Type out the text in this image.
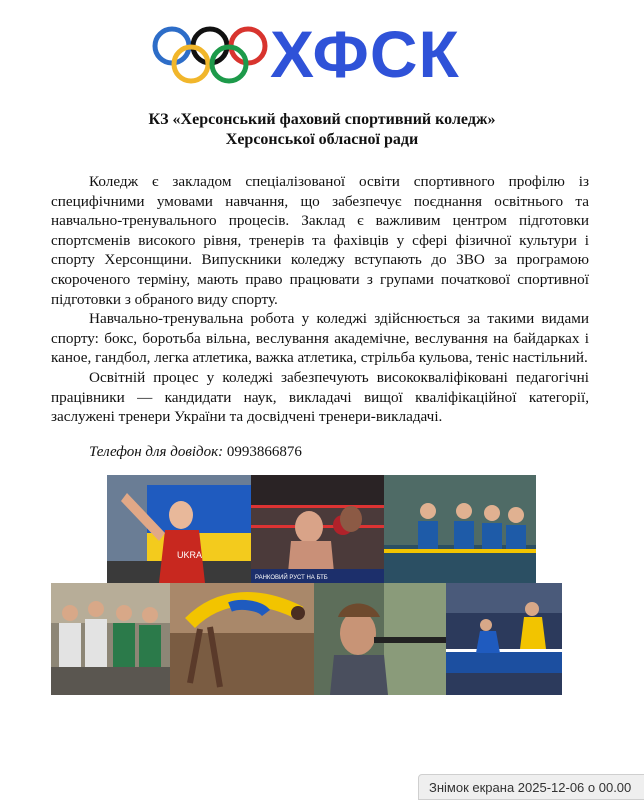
ХФСК
КЗ «Херсонський фаховий спортивний коледж»
Херсонської обласної ради

Коледж є закладом спеціалізованої освіти спортивного профілю із специфічними умовами навчання, що забезпечує поєднання освітнього та навчально-тренувального процесів. Заклад є важливим центром підготовки спортсменів високого рівня, тренерів та фахівців у сфері фізичної культури і спорту Херсонщини. Випускники коледжу вступають до ЗВО за програмою скороченого терміну, мають право працювати з групами початкової спортивної підготовки з обраного виду спорту.

Навчально-тренувальна робота у коледжі здійснюється за такими видами спорту: бокс, боротьба вільна, веслування академічне, веслування на байдарках і каное, гандбол, легка атлетика, важка атлетика, стрільба кульова, теніс настільний.

Освітній процес у коледжі забезпечують висококваліфіковані педагогічні працівники — кандидати наук, викладачі вищої кваліфікаційної категорії, заслужені тренери України та досвідчені тренери-викладачі.

Телефон для довідок: 0993866876
UKRA
РАНКОВИЙ РУСТ НА БТБ
Знімок екрана 2025-12-06 о 00.00
